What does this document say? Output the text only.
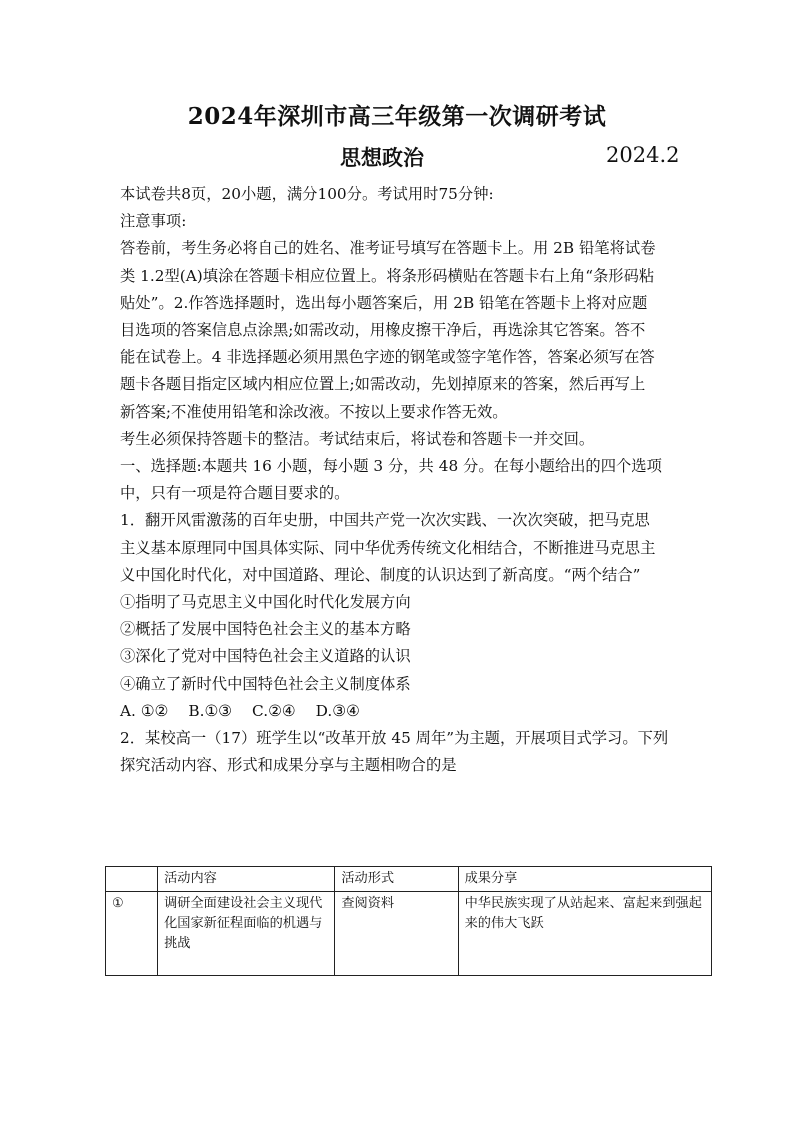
2024年深圳市高三年级第一次调研考试
思想政治	2024.2

本试卷共8页，20小题，满分100分。考试用时75分钟:

注意事项:

答卷前，考生务必将自己的姓名、准考证号填写在答题卡上。用 2B 铅笔将试卷

类 1.2型(A)填涂在答题卡相应位置上。将条形码横贴在答题卡右上角“条形码粘

贴处”。2.作答选择题时，选出每小题答案后，用 2B 铅笔在答题卡上将对应题

目选项的答案信息点涂黑;如需改动，用橡皮擦干净后，再选涂其它答案。答不

能在试卷上。4 非选择题必须用黑色字迹的钢笔或签字笔作答，答案必须写在答

题卡各题目指定区域内相应位置上;如需改动，先划掉原来的答案，然后再写上

新答案;不准使用铅笔和涂改液。不按以上要求作答无效。

考生必须保持答题卡的整洁。考试结束后，将试卷和答题卡一并交回。

一、选择题:本题共 16 小题，每小题 3 分，共 48 分。在每小题给出的四个选项

中，只有一项是符合题目要求的。

1．翻开风雷激荡的百年史册，中国共产党一次次实践、一次次突破，把马克思

主义基本原理同中国具体实际、同中华优秀传统文化相结合，不断推进马克思主

义中国化时代化，对中国道路、理论、制度的认识达到了新高度。“两个结合”

①指明了马克思主义中国化时代化发展方向

②概括了发展中国特色社会主义的基本方略

③深化了党对中国特色社会主义道路的认识

④确立了新时代中国特色社会主义制度体系

A. ①②　 B.①③　 C.②④　 D.③④

2．某校高一（17）班学生以“改革开放 45 周年”为主题，开展项目式学习。下列

探究活动内容、形式和成果分享与主题相吻合的是

	活动内容	活动形式	成果分享
①	调研全面建设社会主义现代化国家新征程面临的机遇与挑战	查阅资料	中华民族实现了从站起来、富起来到强起来的伟大飞跃
